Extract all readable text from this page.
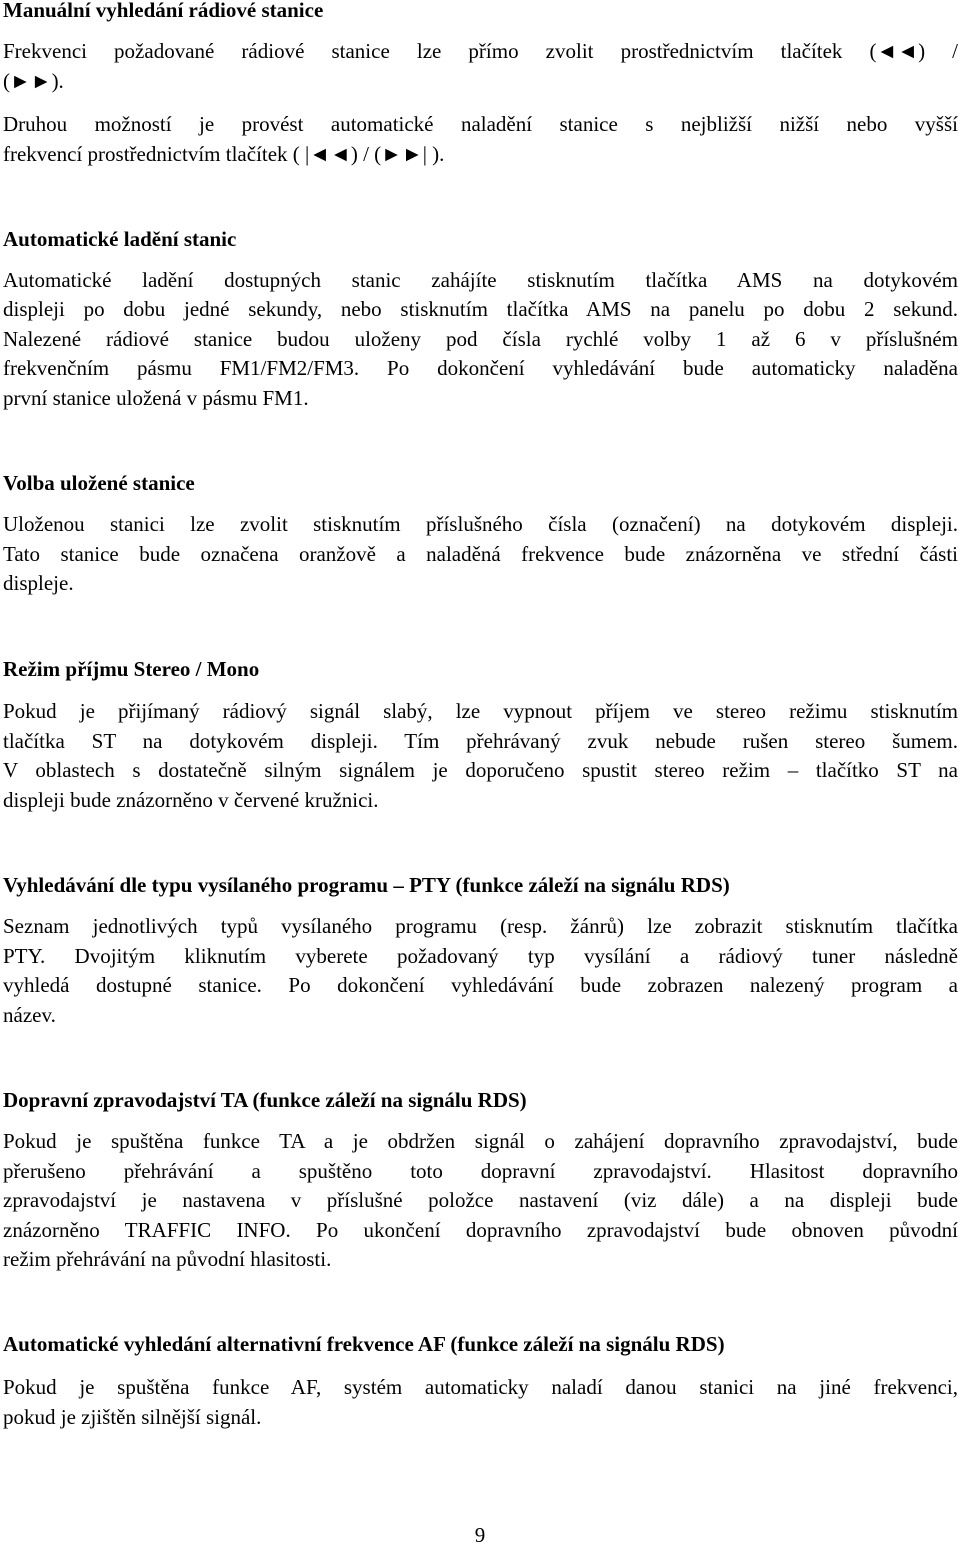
Manuální vyhledání rádiové stanice
Frekvenci požadované rádiové stanice lze přímo zvolit prostřednictvím tlačítek (◄◄) /
(►►).
Druhou možností je provést automatické naladění stanice s nejbližší nižší nebo vyšší
frekvencí prostřednictvím tlačítek ( |◄◄) / (►►| ).
Automatické ladění stanic
Automatické ladění dostupných stanic zahájíte stisknutím tlačítka AMS na dotykovém
displeji po dobu jedné sekundy, nebo stisknutím tlačítka AMS na panelu po dobu 2 sekund.
Nalezené rádiové stanice budou uloženy pod čísla rychlé volby 1 až 6 v příslušném
frekvenčním pásmu FM1/FM2/FM3. Po dokončení vyhledávání bude automaticky naladěna
první stanice uložená v pásmu FM1.
Volba uložené stanice
Uloženou stanici lze zvolit stisknutím příslušného čísla (označení) na dotykovém displeji.
Tato stanice bude označena oranžově a naladěná frekvence bude znázorněna ve střední části
displeje.
Režim příjmu Stereo / Mono
Pokud je přijímaný rádiový signál slabý, lze vypnout příjem ve stereo režimu stisknutím
tlačítka ST na dotykovém displeji. Tím přehrávaný zvuk nebude rušen stereo šumem.
V oblastech s dostatečně silným signálem je doporučeno spustit stereo režim – tlačítko ST na
displeji bude znázorněno v červené kružnici.
Vyhledávání dle typu vysílaného programu – PTY (funkce záleží na signálu RDS)
Seznam jednotlivých typů vysílaného programu (resp. žánrů) lze zobrazit stisknutím tlačítka
PTY. Dvojitým kliknutím vyberete požadovaný typ vysílání a rádiový tuner následně
vyhledá dostupné stanice. Po dokončení vyhledávání bude zobrazen nalezený program a
název.
Dopravní zpravodajství TA (funkce záleží na signálu RDS)
Pokud je spuštěna funkce TA a je obdržen signál o zahájení dopravního zpravodajství, bude
přerušeno přehrávání a spuštěno toto dopravní zpravodajství. Hlasitost dopravního
zpravodajství je nastavena v příslušné položce nastavení (viz dále) a na displeji bude
znázorněno TRAFFIC INFO. Po ukončení dopravního zpravodajství bude obnoven původní
režim přehrávání na původní hlasitosti.
Automatické vyhledání alternativní frekvence AF (funkce záleží na signálu RDS)
Pokud je spuštěna funkce AF, systém automaticky naladí danou stanici na jiné frekvenci,
pokud je zjištěn silnější signál.
9
